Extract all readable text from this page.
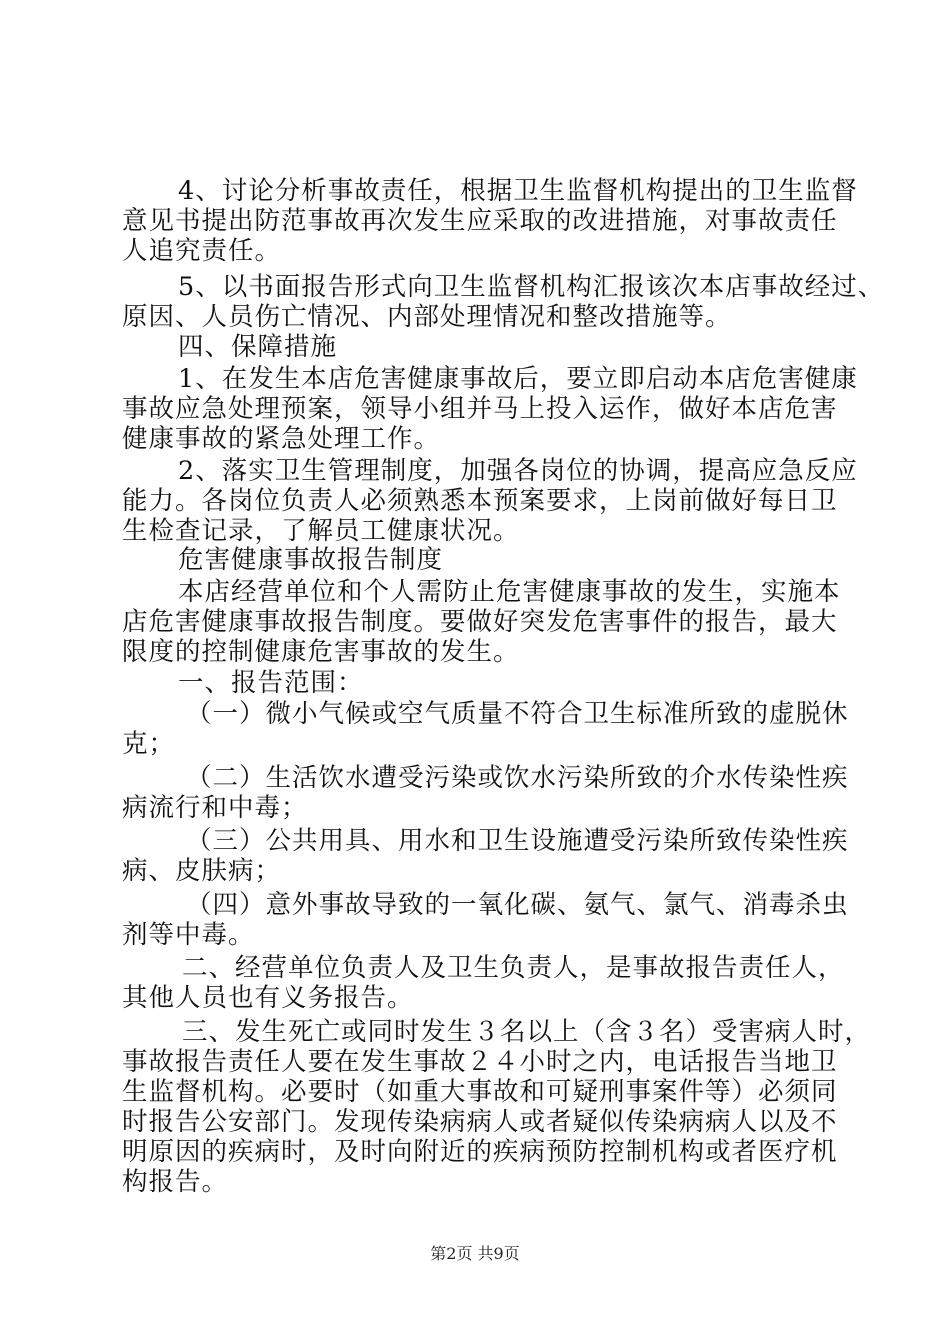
4、讨论分析事故责任，根据卫生监督机构提出的卫生监督
意见书提出防范事故再次发生应采取的改进措施，对事故责任
人追究责任。
5、以书面报告形式向卫生监督机构汇报该次本店事故经过、
原因、人员伤亡情况、内部处理情况和整改措施等。
四、保障措施
1、在发生本店危害健康事故后，要立即启动本店危害健康
事故应急处理预案，领导小组并马上投入运作，做好本店危害
健康事故的紧急处理工作。
2、落实卫生管理制度，加强各岗位的协调，提高应急反应
能力。各岗位负责人必须熟悉本预案要求，上岗前做好每日卫
生检查记录，了解员工健康状况。
危害健康事故报告制度
本店经营单位和个人需防止危害健康事故的发生，实施本
店危害健康事故报告制度。要做好突发危害事件的报告，最大
限度的控制健康危害事故的发生。
一、报告范围：
（一）微小气候或空气质量不符合卫生标准所致的虚脱休
克；
（二）生活饮水遭受污染或饮水污染所致的介水传染性疾
病流行和中毒；
（三）公共用具、用水和卫生设施遭受污染所致传染性疾
病、皮肤病；
（四）意外事故导致的一氧化碳、氨气、氯气、消毒杀虫
剂等中毒。
二、经营单位负责人及卫生负责人，是事故报告责任人，
其他人员也有义务报告。
三、发生死亡或同时发生３名以上（含３名）受害病人时，
事故报告责任人要在发生事故２４小时之内，电话报告当地卫
生监督机构。必要时（如重大事故和可疑刑事案件等）必须同
时报告公安部门。发现传染病病人或者疑似传染病病人以及不
明原因的疾病时，及时向附近的疾病预防控制机构或者医疗机
构报告。
第2页 共9页
